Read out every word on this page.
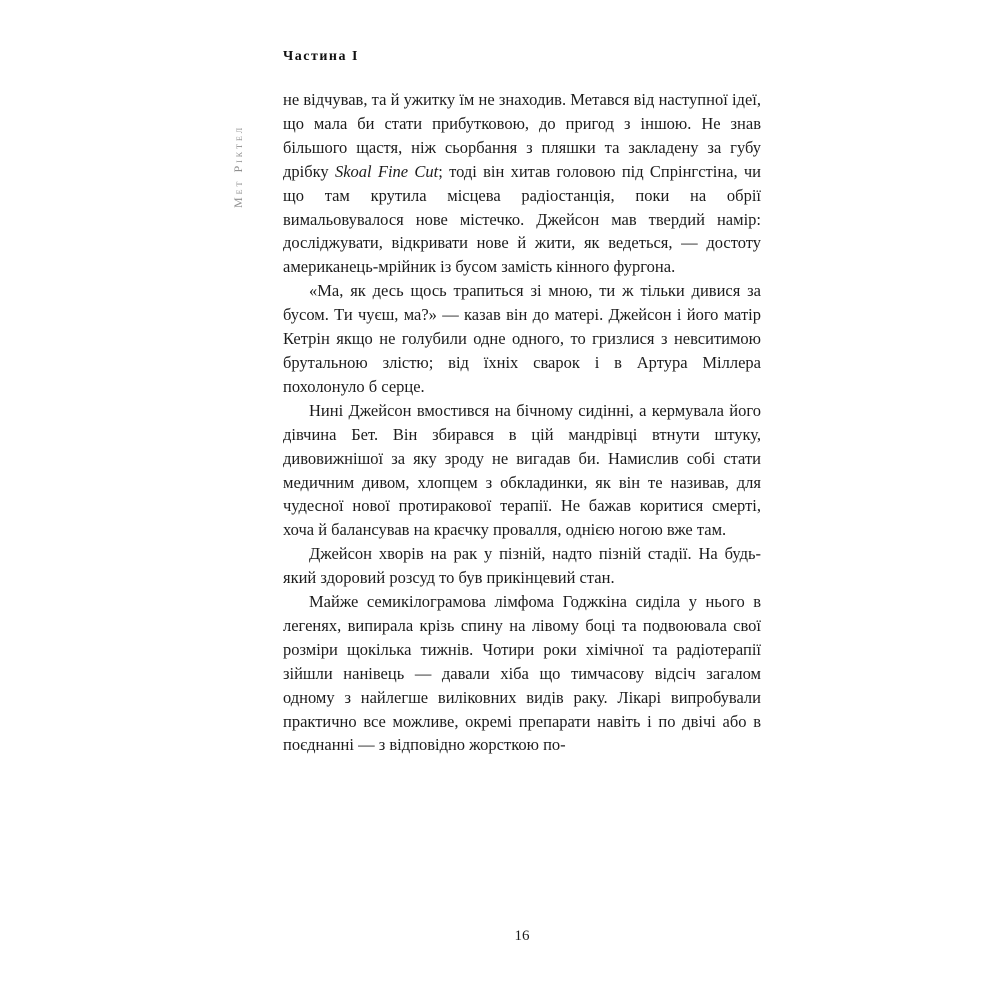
Частина І
Мет Ріктел

не відчував, та й ужитку їм не знаходив. Метався від наступної ідеї, що мала би стати прибутковою, до пригод з іншою. Не знав більшого щастя, ніж сьорбання з пляшки та закладену за губу дрібку Skoal Fine Cut; тоді він хитав головою під Спрінгстіна, чи що там крутила місцева радіостанція, поки на обрії вимальовувалося нове містечко. Джейсон мав твердий намір: досліджувати, відкривати нове й жити, як ведеться, — достоту американець-мрійник із бусом замість кінного фургона.

«Ма, як десь щось трапиться зі мною, ти ж тільки дивися за бусом. Ти чуєш, ма?» — казав він до матері. Джейсон і його матір Кетрін якщо не голубили одне одного, то гризлися з невситимою брутальною злістю; від їхніх сварок і в Артура Міллера похолонуло б серце.

Нині Джейсон вмостився на бічному сидінні, а кермувала його дівчина Бет. Він збирався в цій мандрівці втнути штуку, дивовижнішої за яку зроду не вигадав би. Намислив собі стати медичним дивом, хлопцем з обкладинки, як він те називав, для чудесної нової протиракової терапії. Не бажав коритися смерті, хоча й балансував на краєчку провалля, однією ногою вже там.

Джейсон хворів на рак у пізній, надто пізній стадії. На будь-який здоровий розсуд то був прикінцевий стан.

Майже семикілограмова лімфома Годжкіна сиділа у нього в легенях, випирала крізь спину на лівому боці та подвоювала свої розміри щокілька тижнів. Чотири роки хімічної та радіотерапії зійшли нанівець — давали хіба що тимчасову відсіч загалом одному з найлегше виліковних видів раку. Лікарі випробували практично все можливе, окремі препарати навіть і по двічі або в поєднанні — з відповідно жорсткою по-

16
